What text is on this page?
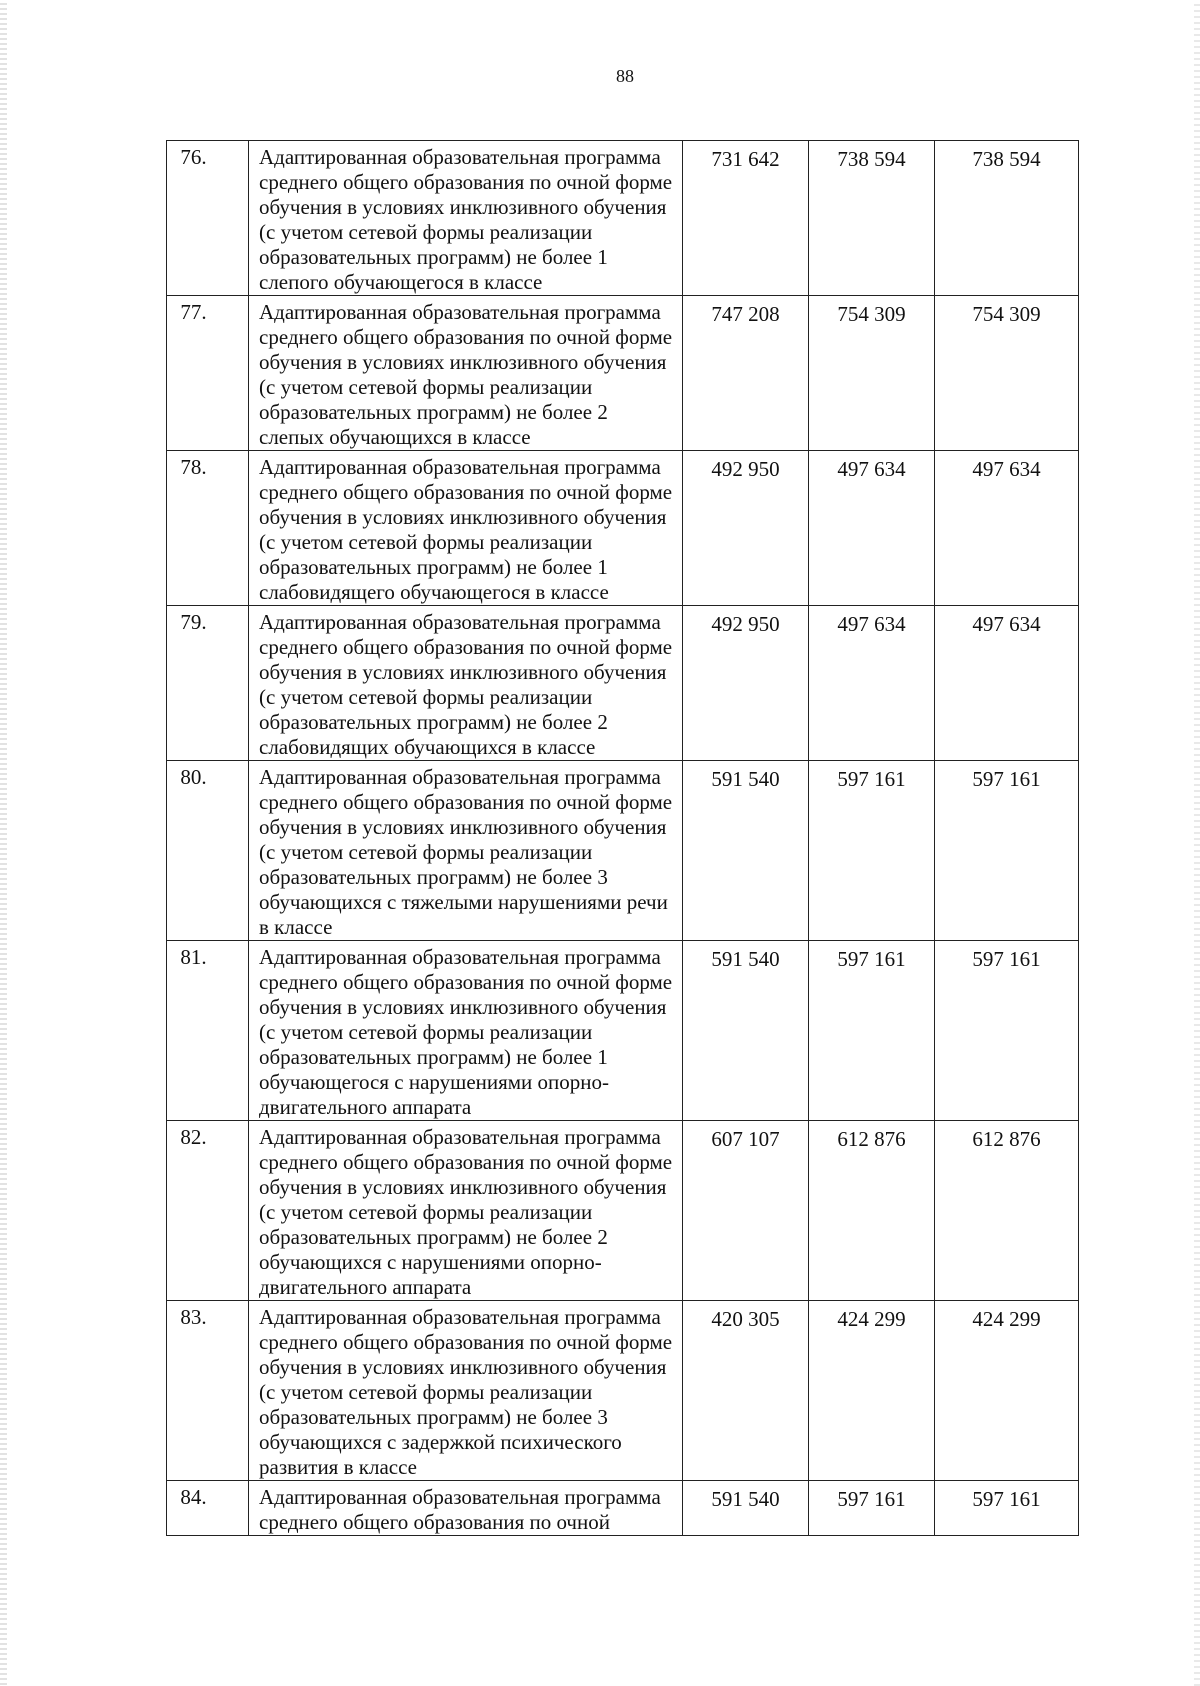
88
76.	Адаптированная образовательная программа среднего общего образования по очной форме обучения в условиях инклюзивного обучения (с учетом сетевой формы реализации образовательных программ) не более 1 слепого обучающегося в классе	731 642	738 594	738 594
77.	Адаптированная образовательная программа среднего общего образования по очной форме обучения в условиях инклюзивного обучения (с учетом сетевой формы реализации образовательных программ) не более 2 слепых обучающихся в классе	747 208	754 309	754 309
78.	Адаптированная образовательная программа среднего общего образования по очной форме обучения в условиях инклюзивного обучения (с учетом сетевой формы реализации образовательных программ) не более 1 слабовидящего обучающегося в классе	492 950	497 634	497 634
79.	Адаптированная образовательная программа среднего общего образования по очной форме обучения в условиях инклюзивного обучения (с учетом сетевой формы реализации образовательных программ) не более 2 слабовидящих обучающихся в классе	492 950	497 634	497 634
80.	Адаптированная образовательная программа среднего общего образования по очной форме обучения в условиях инклюзивного обучения (с учетом сетевой формы реализации образовательных программ) не более 3 обучающихся с тяжелыми нарушениями речи в классе	591 540	597 161	597 161
81.	Адаптированная образовательная программа среднего общего образования по очной форме обучения в условиях инклюзивного обучения (с учетом сетевой формы реализации образовательных программ) не более 1 обучающегося с нарушениями опорно-двигательного аппарата	591 540	597 161	597 161
82.	Адаптированная образовательная программа среднего общего образования по очной форме обучения в условиях инклюзивного обучения (с учетом сетевой формы реализации образовательных программ) не более 2 обучающихся с нарушениями опорно-двигательного аппарата	607 107	612 876	612 876
83.	Адаптированная образовательная программа среднего общего образования по очной форме обучения в условиях инклюзивного обучения (с учетом сетевой формы реализации образовательных программ) не более 3 обучающихся с задержкой психического развития в классе	420 305	424 299	424 299
84.	Адаптированная образовательная программа среднего общего образования по очной	591 540	597 161	597 161
